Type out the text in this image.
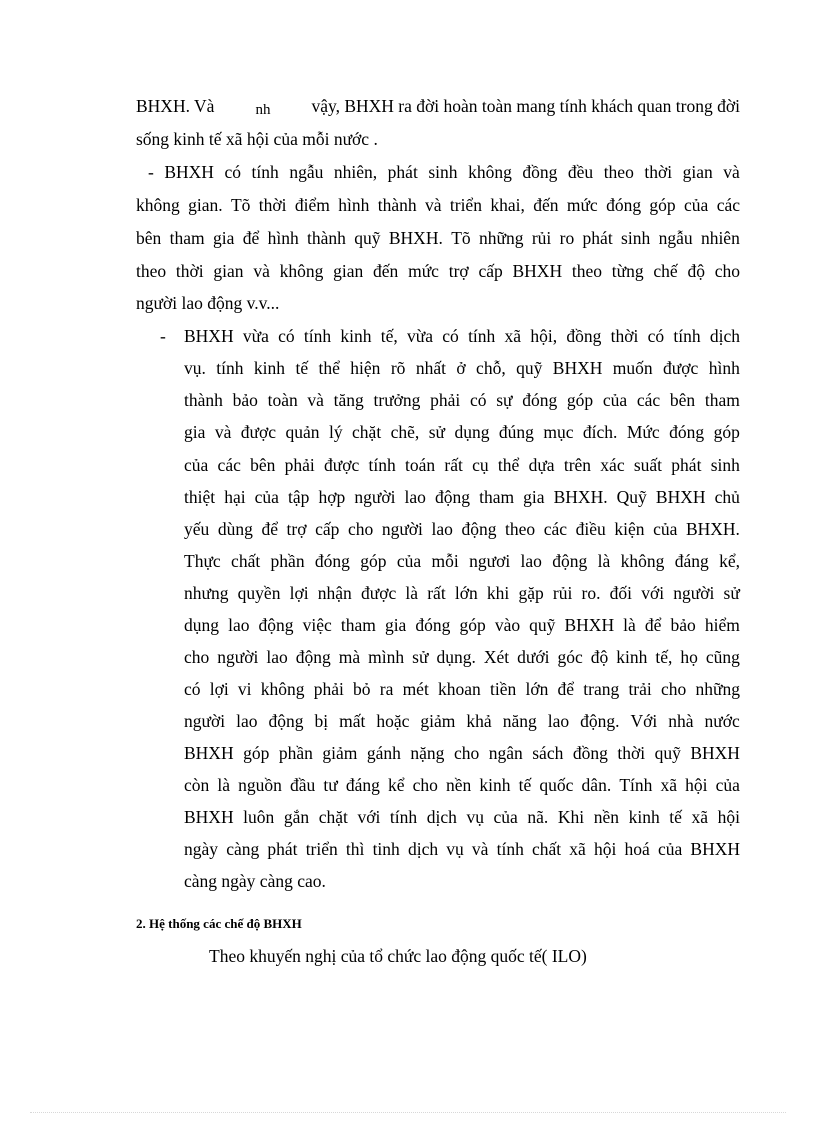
BHXH. Và	nh vậy, BHXH ra đời hoàn toàn mang tính khách quan trong đời
sống kinh tế xã hội của mỗi nước .
- BHXH có tính ngẫu nhiên, phát sinh không đồng đều theo thời gian và
không gian. Tõ thời điểm hình thành và triển khai, đến mức đóng góp của các
bên tham gia để hình thành quỹ BHXH. Tõ những rủi ro phát sinh ngẫu nhiên
theo thời gian và không gian đến mức trợ cấp BHXH theo từng chế độ cho
người lao động v.v...
- BHXH vừa có tính kinh tế, vừa có tính xã hội, đồng thời có tính dịch
vụ. tính kinh tế thể hiện rõ nhất ở chỗ, quỹ BHXH muốn được hình
thành bảo toàn và tăng trưởng phải có sự đóng góp của các bên tham
gia và được quản lý chặt chẽ, sử dụng đúng mục đích. Mức đóng góp
của các bên phải được tính toán rất cụ thể dựa trên xác suất phát sinh
thiệt hại của tập hợp người lao động tham gia BHXH. Quỹ BHXH chủ
yếu dùng để trợ cấp cho người lao động theo các điều kiện của BHXH.
Thực chất phần đóng góp của mỗi ngươi lao động là không đáng kể,
nhưng quyền lợi nhận được là rất lớn khi gặp rủi ro. đối với người sử
dụng lao động việc tham gia đóng góp vào quỹ BHXH là để bảo hiểm
cho người lao động mà mình sử dụng. Xét dưới góc độ kinh tế, họ cũng
có lợi vi không phải bỏ ra mét khoan tiền lớn để trang trải cho những
người lao động bị mất hoặc giảm khả năng lao động. Với nhà nước
BHXH góp phần giảm gánh nặng cho ngân sách đồng thời quỹ BHXH
còn là nguồn đầu tư đáng kể cho nền kinh tế quốc dân. Tính xã hội của
BHXH luôn gắn chặt với tính dịch vụ của nã. Khi nền kinh tế xã hội
ngày càng phát triển thì tinh dịch vụ và tính chất xã hội hoá của BHXH
càng ngày càng cao.
2. Hệ thống các chế độ BHXH
Theo khuyến nghị của tổ chức lao động quốc tế( ILO)
